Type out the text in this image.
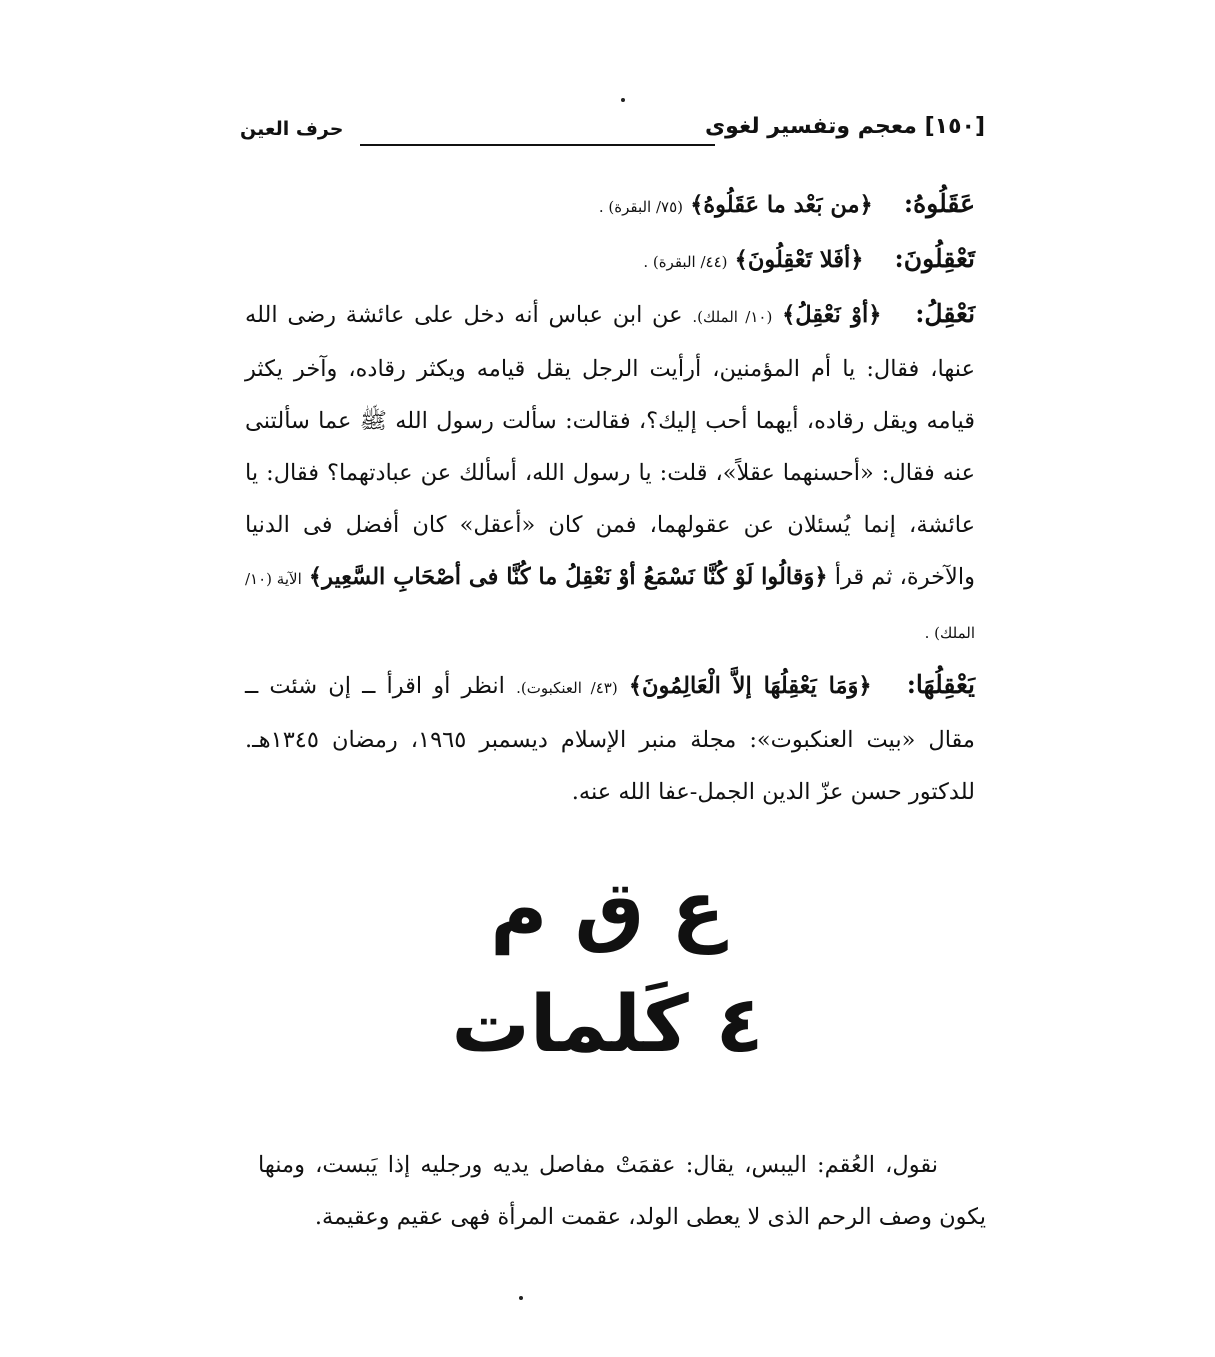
[١٥٠] معجم وتفسير لغوى
حرف العين

عَقَلُوهُ: ﴿من بَعْد ما عَقَلُوهُ﴾ (٧٥/ البقرة) .

تَعْقِلُونَ: ﴿أفَلا تَعْقِلُونَ﴾ (٤٤/ البقرة) .

نَعْقِلُ: ﴿أوْ نَعْقِلُ﴾ (١٠/ الملك). عن ابن عباس أنه دخل على عائشة رضى الله عنها، فقال: يا أم المؤمنين، أرأيت الرجل يقل قيامه ويكثر رقاده، وآخر يكثر قيامه ويقل رقاده، أيهما أحب إليك؟، فقالت: سألت رسول الله ﷺ عما سألتنى عنه فقال: «أحسنهما عقلاً»، قلت: يا رسول الله، أسألك عن عبادتهما؟ فقال: يا عائشة، إنما يُسئلان عن عقولهما، فمن كان «أعقل» كان أفضل فى الدنيا والآخرة، ثم قرأ ﴿وَقالُوا لَوْ كُنَّا نَسْمَعُ أوْ نَعْقِلُ ما كُنَّا فى أصْحَابِ السَّعِير﴾ الآية (١٠/ الملك) .

يَعْقِلُهَا: ﴿وَمَا يَعْقِلُهَا إلاَّ الْعَالِمُونَ﴾ (٤٣/ العنكبوت). انظر أو اقرأ ــ إن شئت ــ مقال «بيت العنكبوت»: مجلة منبر الإسلام ديسمبر ١٩٦٥، رمضان ١٣٤٥هـ. للدكتور حسن عزّ الدين الجمل-عفا الله عنه.

ع ق م
٤ كَلمات

نقول، العُقم: اليبس، يقال: عقمَتْ مفاصل يديه ورجليه إذا يَبست، ومنها يكون وصف الرحم الذى لا يعطى الولد، عقمت المرأة فهى عقيم وعقيمة.
